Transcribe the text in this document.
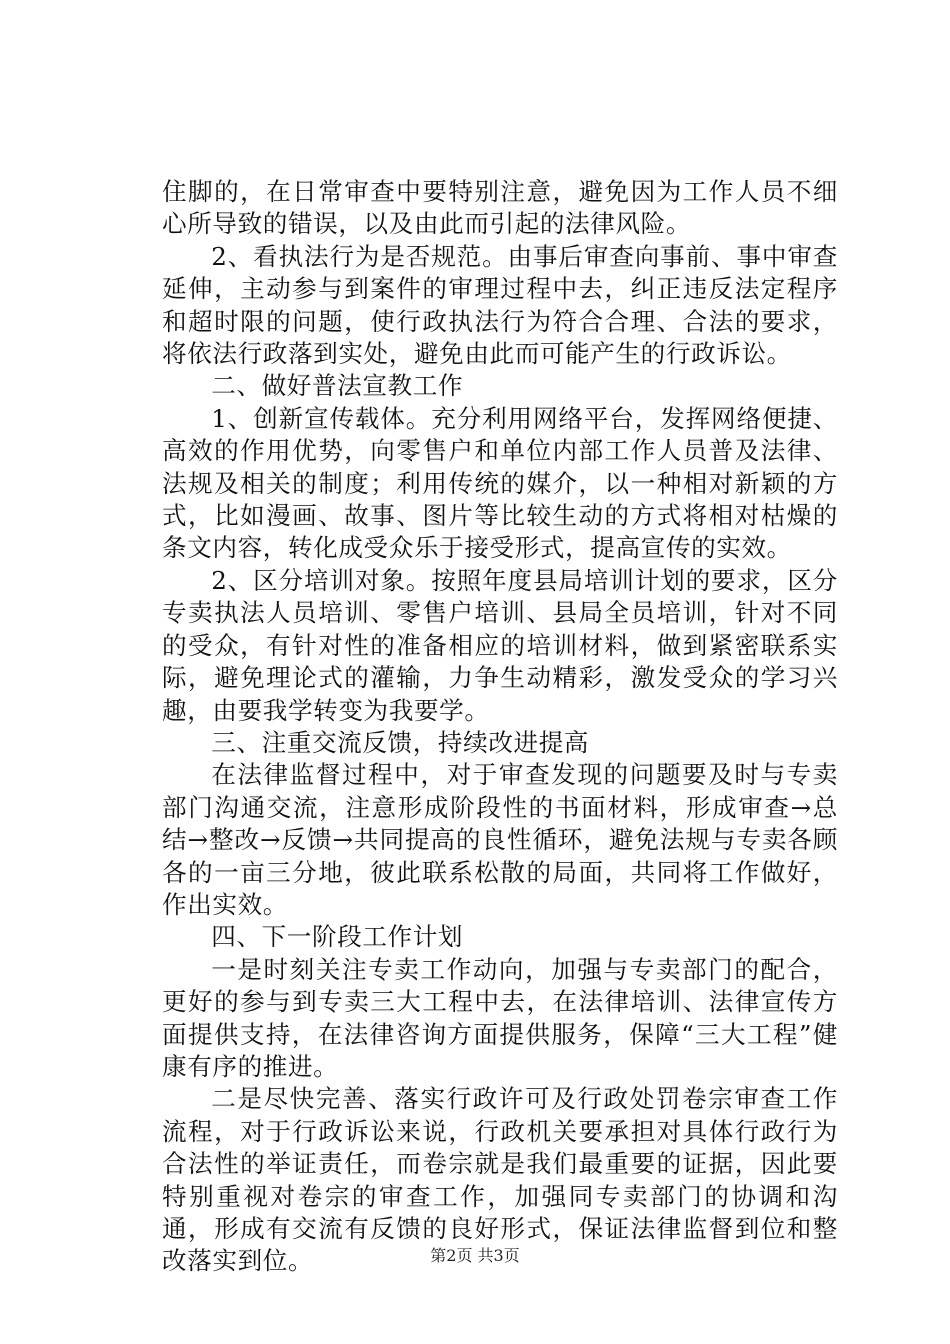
住脚的，在日常审查中要特别注意，避免因为工作人员不细心所导致的错误，以及由此而引起的法律风险。

2、看执法行为是否规范。由事后审查向事前、事中审查延伸，主动参与到案件的审理过程中去，纠正违反法定程序和超时限的问题，使行政执法行为符合合理、合法的要求，将依法行政落到实处，避免由此而可能产生的行政诉讼。

二、做好普法宣教工作

1、创新宣传载体。充分利用网络平台，发挥网络便捷、高效的作用优势，向零售户和单位内部工作人员普及法律、法规及相关的制度；利用传统的媒介，以一种相对新颖的方式，比如漫画、故事、图片等比较生动的方式将相对枯燥的条文内容，转化成受众乐于接受形式，提高宣传的实效。

2、区分培训对象。按照年度县局培训计划的要求，区分专卖执法人员培训、零售户培训、县局全员培训，针对不同的受众，有针对性的准备相应的培训材料，做到紧密联系实际，避免理论式的灌输，力争生动精彩，激发受众的学习兴趣，由要我学转变为我要学。

三、注重交流反馈，持续改进提高

在法律监督过程中，对于审查发现的问题要及时与专卖部门沟通交流，注意形成阶段性的书面材料，形成审查→总结→整改→反馈→共同提高的良性循环，避免法规与专卖各顾各的一亩三分地，彼此联系松散的局面，共同将工作做好，作出实效。

四、下一阶段工作计划

一是时刻关注专卖工作动向，加强与专卖部门的配合，更好的参与到专卖三大工程中去，在法律培训、法律宣传方面提供支持，在法律咨询方面提供服务，保障“三大工程”健康有序的推进。

二是尽快完善、落实行政许可及行政处罚卷宗审查工作流程，对于行政诉讼来说，行政机关要承担对具体行政行为合法性的举证责任，而卷宗就是我们最重要的证据，因此要特别重视对卷宗的审查工作，加强同专卖部门的协调和沟通，形成有交流有反馈的良好形式，保证法律监督到位和整改落实到位。	第2页 共3页
